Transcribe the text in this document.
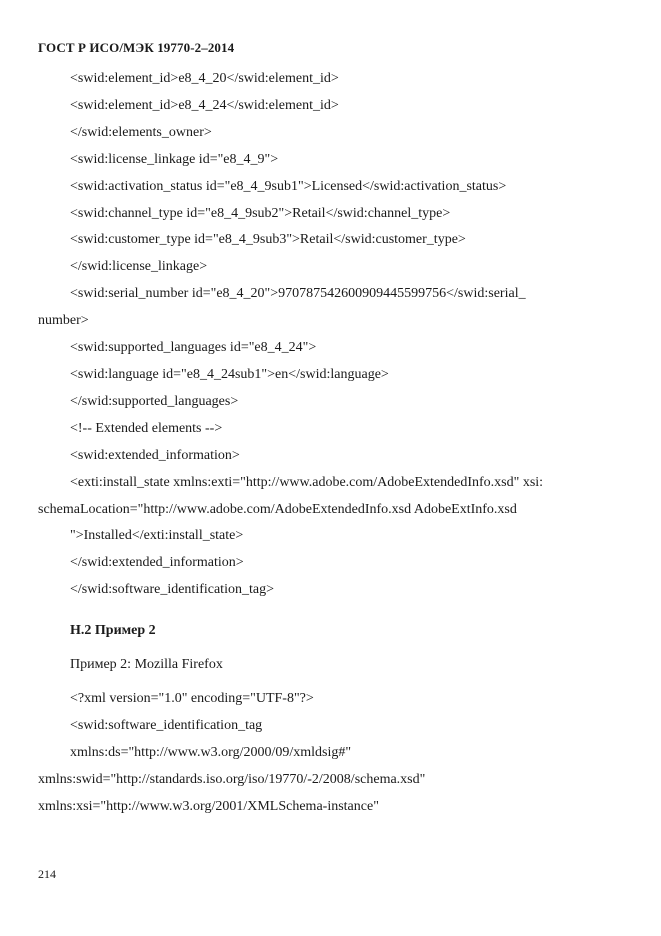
ГОСТ Р ИСО/МЭК 19770-2–2014
<swid:element_id>e8_4_20</swid:element_id>
<swid:element_id>e8_4_24</swid:element_id>
</swid:elements_owner>
<swid:license_linkage id="e8_4_9">
<swid:activation_status id="e8_4_9sub1">Licensed</swid:activation_status>
<swid:channel_type id="e8_4_9sub2">Retail</swid:channel_type>
<swid:customer_type id="e8_4_9sub3">Retail</swid:customer_type>
</swid:license_linkage>
<swid:serial_number id="e8_4_20">970787542600909445599756</swid:serial_
number>
<swid:supported_languages id="e8_4_24">
<swid:language id="e8_4_24sub1">en</swid:language>
</swid:supported_languages>
<!-- Extended elements -->
<swid:extended_information>
<exti:install_state xmlns:exti="http://www.adobe.com/AdobeExtendedInfo.xsd" xsi:
schemaLocation="http://www.adobe.com/AdobeExtendedInfo.xsd AdobeExtInfo.xsd
">Installed</exti:install_state>
</swid:extended_information>
</swid:software_identification_tag>
Н.2 Пример 2
Пример 2: Mozilla Firefox
<?xml version="1.0" encoding="UTF-8"?>
<swid:software_identification_tag
xmlns:ds="http://www.w3.org/2000/09/xmldsig#"
xmlns:swid="http://standards.iso.org/iso/19770/-2/2008/schema.xsd"
xmlns:xsi="http://www.w3.org/2001/XMLSchema-instance"
214
